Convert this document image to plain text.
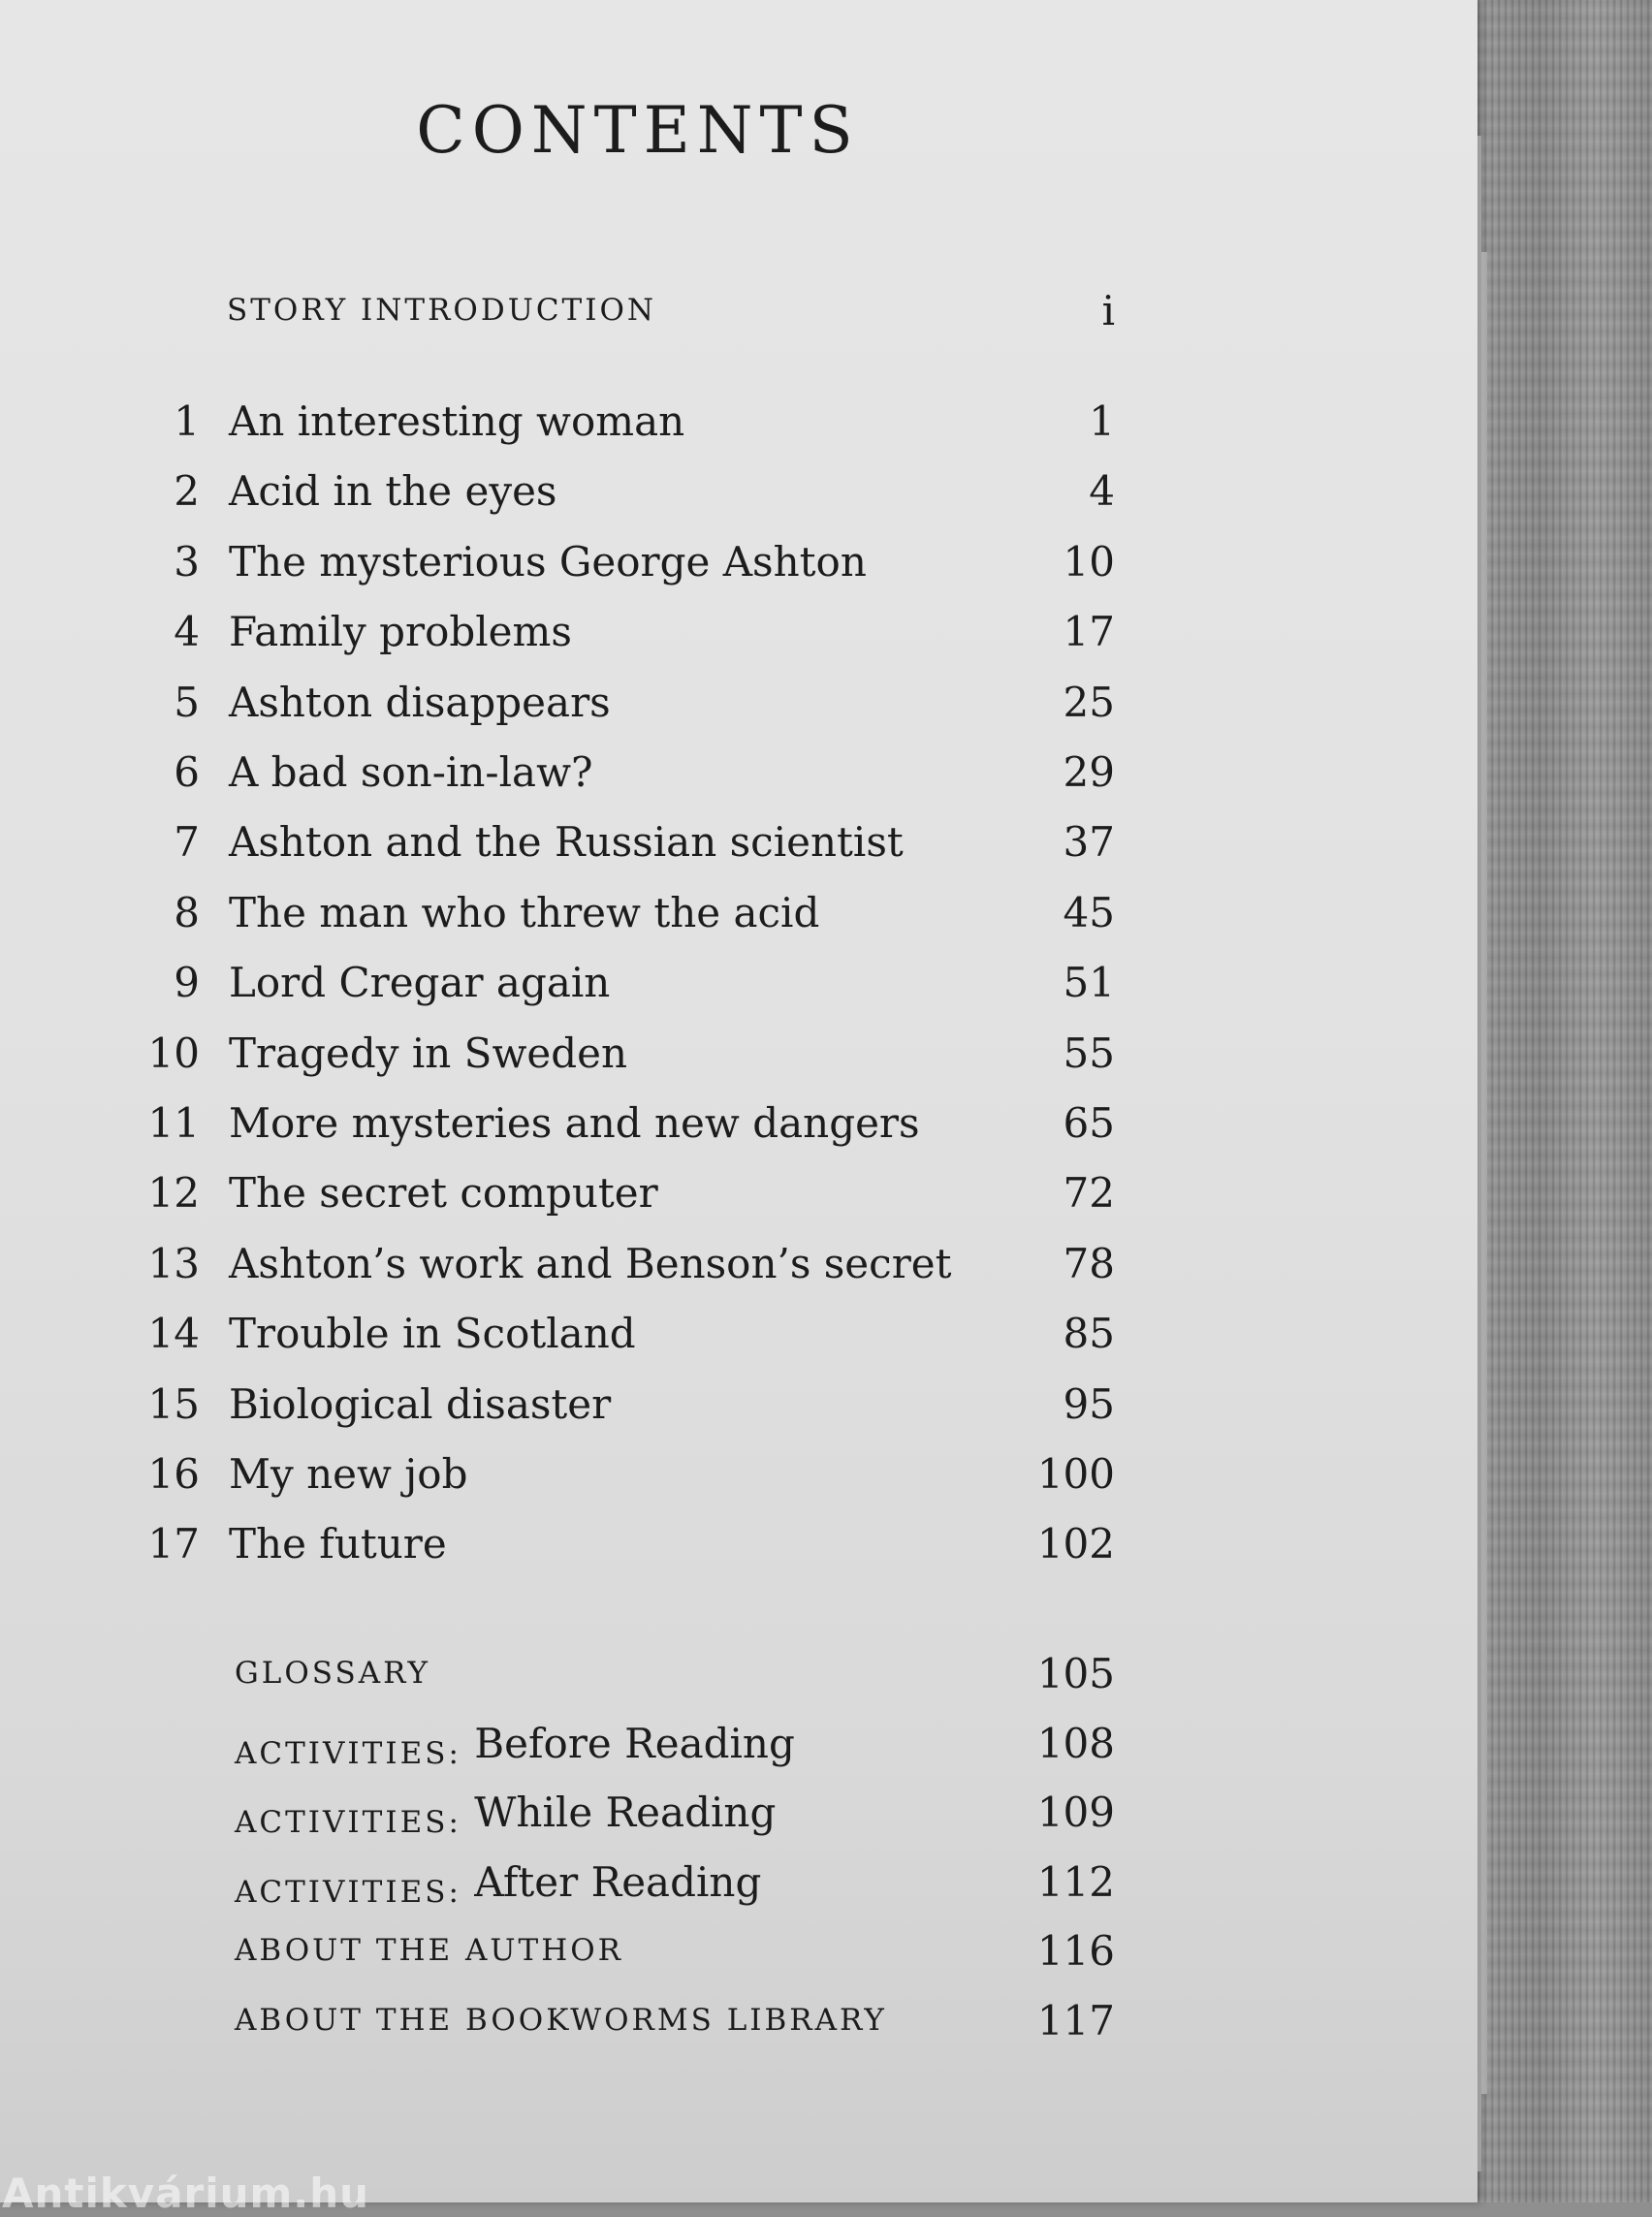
CONTENTS
STORY INTRODUCTION	i
1 An interesting woman	1
2 Acid in the eyes	4
3 The mysterious George Ashton	10
4 Family problems	17
5 Ashton disappears	25
6 A bad son-in-law?	29
7 Ashton and the Russian scientist	37
8 The man who threw the acid	45
9 Lord Cregar again	51
10 Tragedy in Sweden	55
11 More mysteries and new dangers	65
12 The secret computer	72
13 Ashton’s work and Benson’s secret	78
14 Trouble in Scotland	85
15 Biological disaster	95
16 My new job	100
17 The future	102
GLOSSARY	105
ACTIVITIES: Before Reading	108
ACTIVITIES: While Reading	109
ACTIVITIES: After Reading	112
ABOUT THE AUTHOR	116
ABOUT THE BOOKWORMS LIBRARY	117
Antikvárium.hu
